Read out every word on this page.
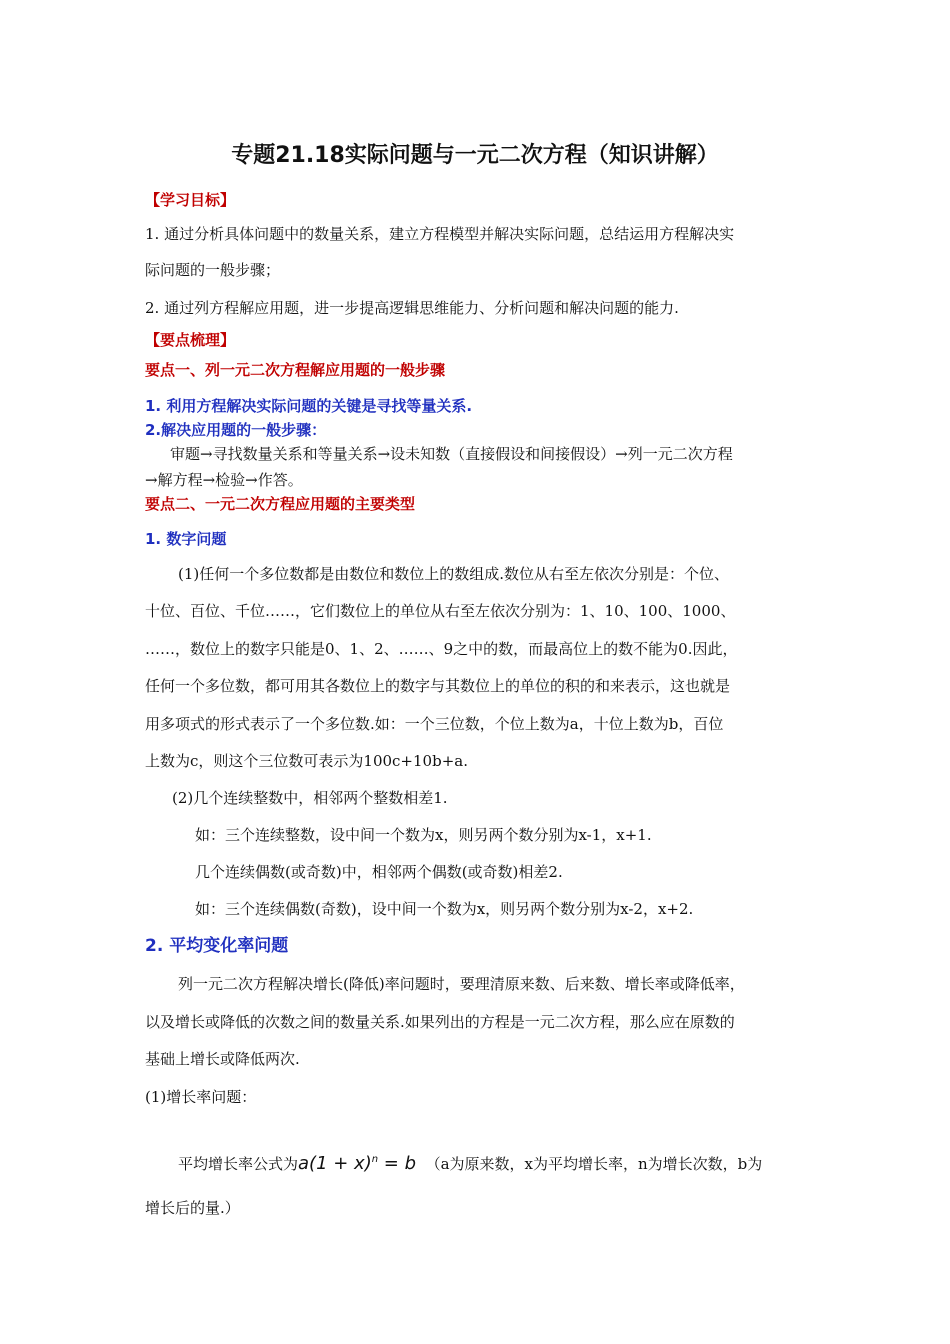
专题21.18实际问题与一元二次方程（知识讲解）
【学习目标】
1. 通过分析具体问题中的数量关系，建立方程模型并解决实际问题，总结运用方程解决实
际问题的一般步骤；
2. 通过列方程解应用题，进一步提高逻辑思维能力、分析问题和解决问题的能力.
【要点梳理】
要点一、列一元二次方程解应用题的一般步骤
1. 利用方程解决实际问题的关键是寻找等量关系.
2.解决应用题的一般步骤：
审题→寻找数量关系和等量关系→设未知数（直接假设和间接假设）→列一元二次方程
→解方程→检验→作答。
要点二、一元二次方程应用题的主要类型
1. 数字问题
(1)任何一个多位数都是由数位和数位上的数组成.数位从右至左依次分别是：个位、
十位、百位、千位……，它们数位上的单位从右至左依次分别为：1、10、100、1000、
……，数位上的数字只能是0、1、2、……、9之中的数，而最高位上的数不能为0.因此，
任何一个多位数，都可用其各数位上的数字与其数位上的单位的积的和来表示，这也就是
用多项式的形式表示了一个多位数.如：一个三位数，个位上数为a，十位上数为b，百位
上数为c，则这个三位数可表示为100c+10b+a.
(2)几个连续整数中，相邻两个整数相差1.
如：三个连续整数，设中间一个数为x，则另两个数分别为x-1，x+1.
几个连续偶数(或奇数)中，相邻两个偶数(或奇数)相差2.
如：三个连续偶数(奇数)，设中间一个数为x，则另两个数分别为x-2，x+2.
2. 平均变化率问题
列一元二次方程解决增长(降低)率问题时，要理清原来数、后来数、增长率或降低率，
以及增长或降低的次数之间的数量关系.如果列出的方程是一元二次方程，那么应在原数的
基础上增长或降低两次.
(1)增长率问题：
平均增长率公式为$a(1 + x)^n = b$ （a为原来数，x为平均增长率，n为增长次数，b为
增长后的量.）
